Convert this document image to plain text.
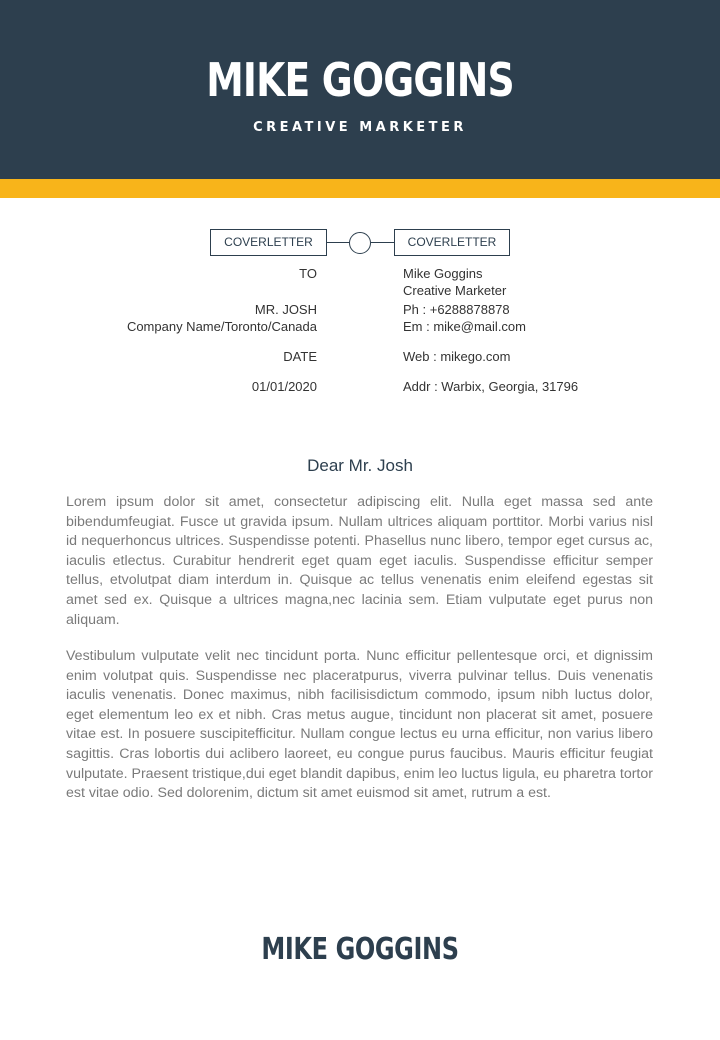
MIKE GOGGINS
CREATIVE MARKETER
COVERLETTER	COVERLETTER
TO
MR. JOSH
Company Name/Toronto/Canada
DATE
01/01/2020
Mike Goggins
Creative Marketer
Ph : +6288878878
Em : mike@mail.com
Web : mikego.com
Addr : Warbix, Georgia, 31796
Dear Mr. Josh

Lorem ipsum dolor sit amet, consectetur adipiscing elit. Nulla eget massa sed ante bibendumfeugiat. Fusce ut gravida ipsum. Nullam ultrices aliquam porttitor. Morbi varius nisl id nequerhoncus ultrices. Suspendisse potenti. Phasellus nunc libero, tempor eget cursus ac, iaculis etlectus. Curabitur hendrerit eget quam eget iaculis. Suspendisse efficitur semper tellus, etvolutpat diam interdum in. Quisque ac tellus venenatis enim eleifend egestas sit amet sed ex. Quisque a ultrices magna,nec lacinia sem. Etiam vulputate eget purus non aliquam.

Vestibulum vulputate velit nec tincidunt porta. Nunc efficitur pellentesque orci, et dignissim enim volutpat quis. Suspendisse nec placeratpurus, viverra pulvinar tellus. Duis venenatis iaculis venenatis. Donec maximus, nibh facilisisdictum commodo, ipsum nibh luctus dolor, eget elementum leo ex et nibh. Cras metus augue, tincidunt non placerat sit amet, posuere vitae est. In posuere suscipitefficitur. Nullam congue lectus eu urna efficitur, non varius libero sagittis. Cras lobortis dui aclibero laoreet, eu congue purus faucibus. Mauris efficitur feugiat vulputate. Praesent tristique,dui eget blandit dapibus, enim leo luctus ligula, eu pharetra tortor est vitae odio. Sed dolorenim, dictum sit amet euismod sit amet, rutrum a est.

MIKE GOGGINS
